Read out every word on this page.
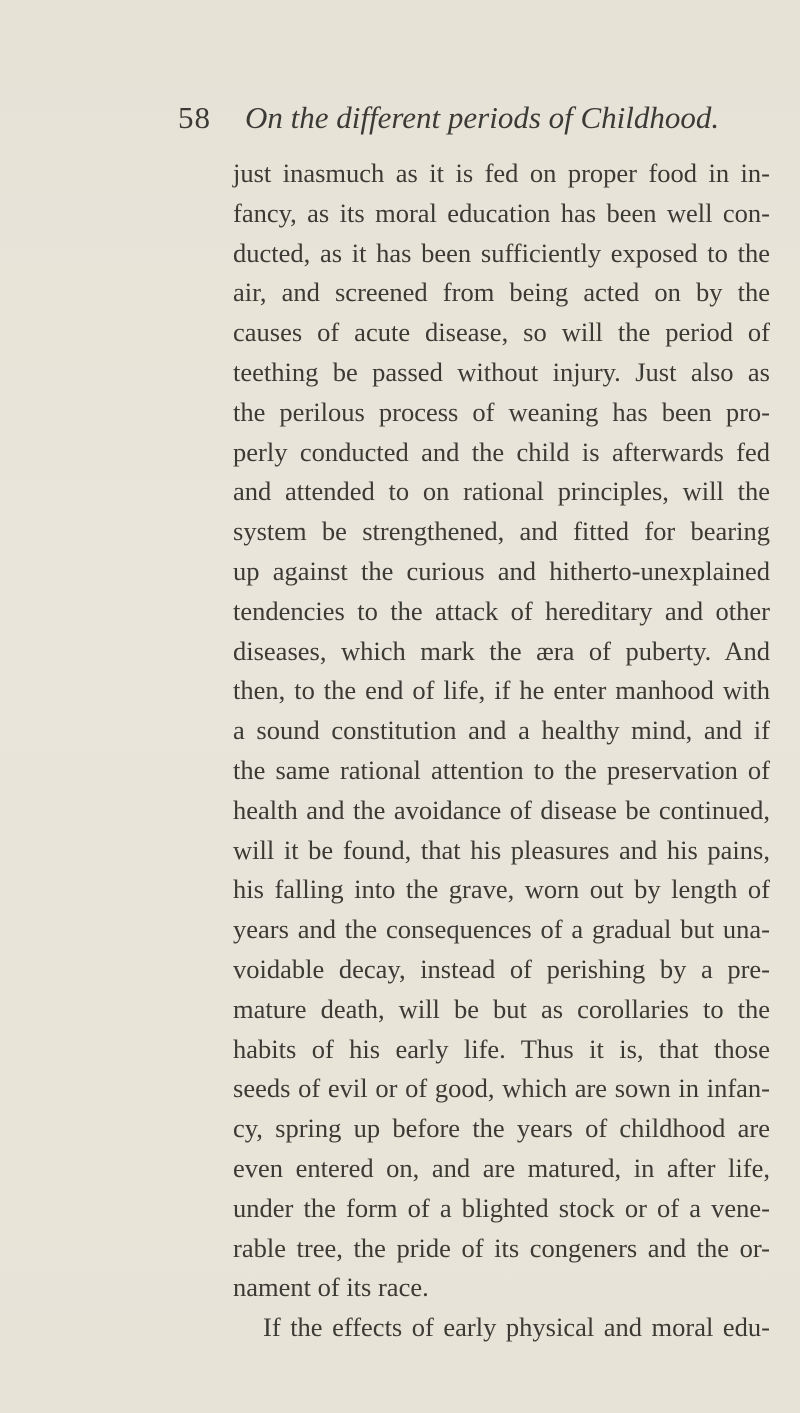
58 On the different periods of Childhood.
just inasmuch as it is fed on proper food in in-
fancy, as its moral education has been well con-
ducted, as it has been sufficiently exposed to the
air, and screened from being acted on by the
causes of acute disease, so will the period of
teething be passed without injury. Just also as
the perilous process of weaning has been pro-
perly conducted and the child is afterwards fed
and attended to on rational principles, will the
system be strengthened, and fitted for bearing
up against the curious and hitherto-unexplained
tendencies to the attack of hereditary and other
diseases, which mark the æra of puberty. And
then, to the end of life, if he enter manhood with
a sound constitution and a healthy mind, and if
the same rational attention to the preservation of
health and the avoidance of disease be continued,
will it be found, that his pleasures and his pains,
his falling into the grave, worn out by length of
years and the consequences of a gradual but una-
voidable decay, instead of perishing by a pre-
mature death, will be but as corollaries to the
habits of his early life. Thus it is, that those
seeds of evil or of good, which are sown in infan-
cy, spring up before the years of childhood are
even entered on, and are matured, in after life,
under the form of a blighted stock or of a vene-
rable tree, the pride of its congeners and the or-
nament of its race.
If the effects of early physical and moral edu-
